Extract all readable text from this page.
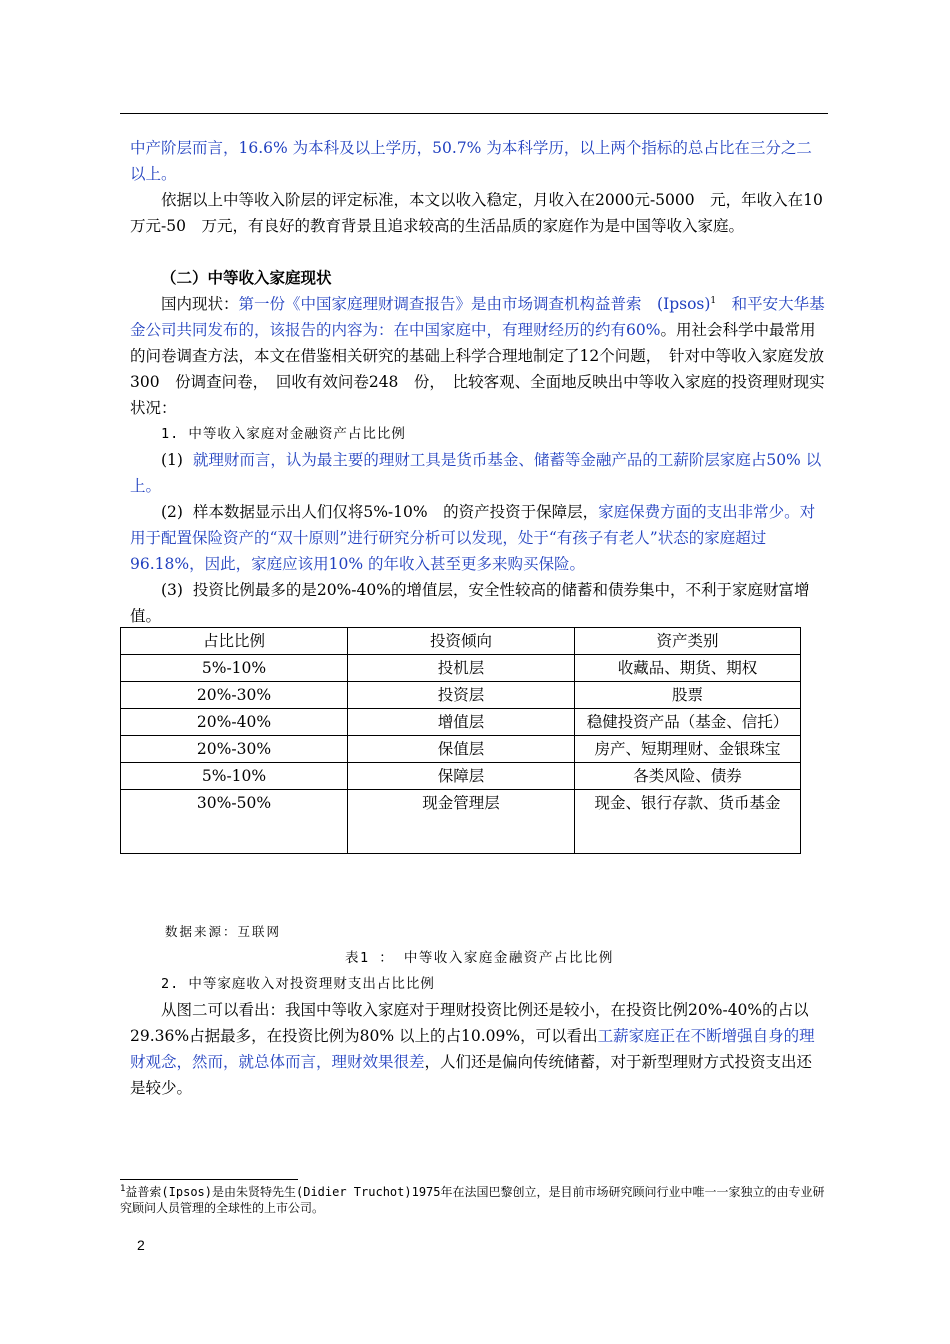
中产阶层而言，16.6% 为本科及以上学历，50.7% 为本科学历，以上两个指标的总占比在三分之二以上。

依据以上中等收入阶层的评定标准，本文以收入稳定，月收入在2000元-5000　元，年收入在10万元-50　万元，有良好的教育背景且追求较高的生活品质的家庭作为是中国等收入家庭。

（二）中等收入家庭现状

国内现状：第一份《中国家庭理财调查报告》是由市场调查机构益普索　(Ipsos)$^1$　和平安大华基金公司共同发布的，该报告的内容为：在中国家庭中，有理财经历的约有60%。用社会科学中最常用的问卷调查方法，本文在借鉴相关研究的基础上科学合理地制定了12个问题，　针对中等收入家庭发放300　份调查问卷，　回收有效问卷248　份，　比较客观、全面地反映出中等收入家庭的投资理财现实状况：

1. 中等收入家庭对金融资产占比比例

(1) 就理财而言，认为最主要的理财工具是货币基金、储蓄等金融产品的工薪阶层家庭占50% 以上。

(2) 样本数据显示出人们仅将5%-10%　的资产投资于保障层，家庭保费方面的支出非常少。对用于配置保险资产的“双十原则”进行研究分析可以发现，处于“有孩子有老人”状态的家庭超过96.18%，因此，家庭应该用10% 的年收入甚至更多来购买保险。

(3) 投资比例最多的是20%-40%的增值层，安全性较高的储蓄和债券集中，不利于家庭财富增值。

占比比例	投资倾向	资产类别
5%-10%	投机层	收藏品、期货、期权
20%-30%	投资层	股票
20%-40%	增值层	稳健投资产品（基金、信托）
20%-30%	保值层	房产、短期理财、金银珠宝
5%-10%	保障层	各类风险、债券
30%-50%	现金管理层	现金、银行存款、货币基金
数据来源：互联网
表1 ： 中等收入家庭金融资产占比比例

2. 中等家庭收入对投资理财支出占比比例

从图二可以看出：我国中等收入家庭对于理财投资比例还是较小，在投资比例20%-40%的占以29.36%占据最多，在投资比例为80% 以上的占10.09%，可以看出工薪家庭正在不断增强自身的理财观念，然而，就总体而言，理财效果很差，人们还是偏向传统储蓄，对于新型理财方式投资支出还是较少。

$^1$益普索(Ipsos)是由朱贤特先生(Didier Truchot)1975年在法国巴黎创立，是目前市场研究顾问行业中唯一一家独立的由专业研究顾问人员管理的全球性的上市公司。
2
